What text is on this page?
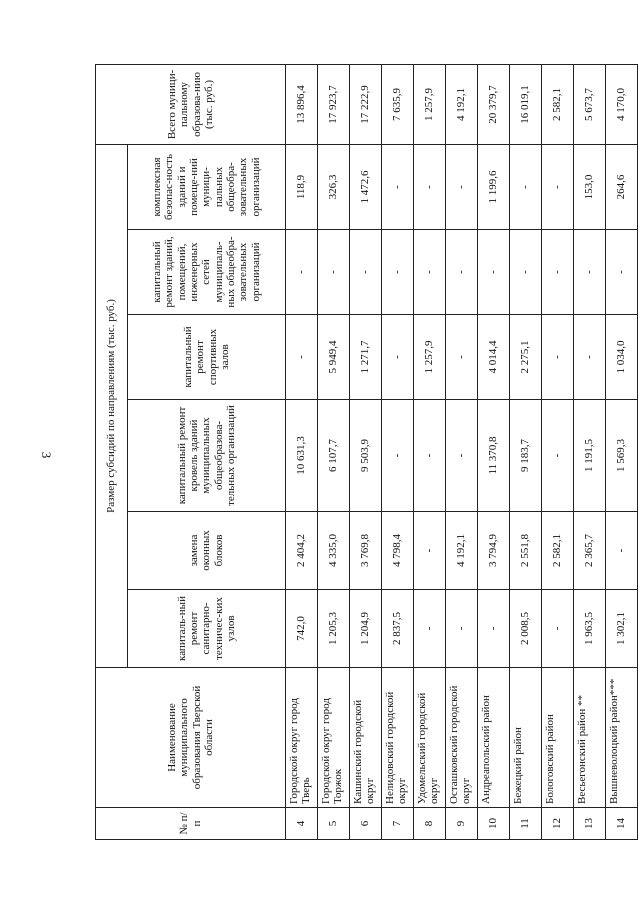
3
№ п/п	Наименование муниципального образования Тверской области	Размер субсидий по направлениям (тыс. руб.)						Всего муници-пальному образова-нию (тыс. руб.)
		капиталь-ный ремонт санитарно-техничес-ких узлов	замена оконных блоков	капитальный ремонт кровель зданий муниципальных общеобразова-тельных организаций	капитальный ремонт спортивных залов	капитальный ремонт зданий, помещений, инженерных сетей муниципаль-ных общеобра-зовательных организаций	комплексная безопас-ность зданий и помеще-ний муници-пальных общеобра-зовательных организаций	
4	Городской округ город Тверь	742,0	2 404,2	10 631,3	-	-	118,9	13 896,4
5	Городской округ город Торжок	1 205,3	4 335,0	6 107,7	5 949,4	-	326,3	17 923,7
6	Кашинский городской округ	1 204,9	3 769,8	9 503,9	1 271,7	-	1 472,6	17 222,9
7	Нелидовский городской округ	2 837,5	4 798,4	-	-	-	-	7 635,9
8	Удомельский городской округ	-	-	-	1 257,9	-	-	1 257,9
9	Осташковский городской округ	-	4 192,1	-	-	-	-	4 192,1
10	Андреапольский район	-	3 794,9	11 370,8	4 014,4	-	1 199,6	20 379,7
11	Бежецкий район	2 008,5	2 551,8	9 183,7	2 275,1	-	-	16 019,1
12	Бологовский район	-	2 582,1	-	-	-	-	2 582,1
13	Весьегонский район **	1 963,5	2 365,7	1 191,5	-	-	153,0	5 673,7
14	Вышневолоцкий район***	1 302,1	-	1 569,3	1 034,0	-	264,6	4 170,0
